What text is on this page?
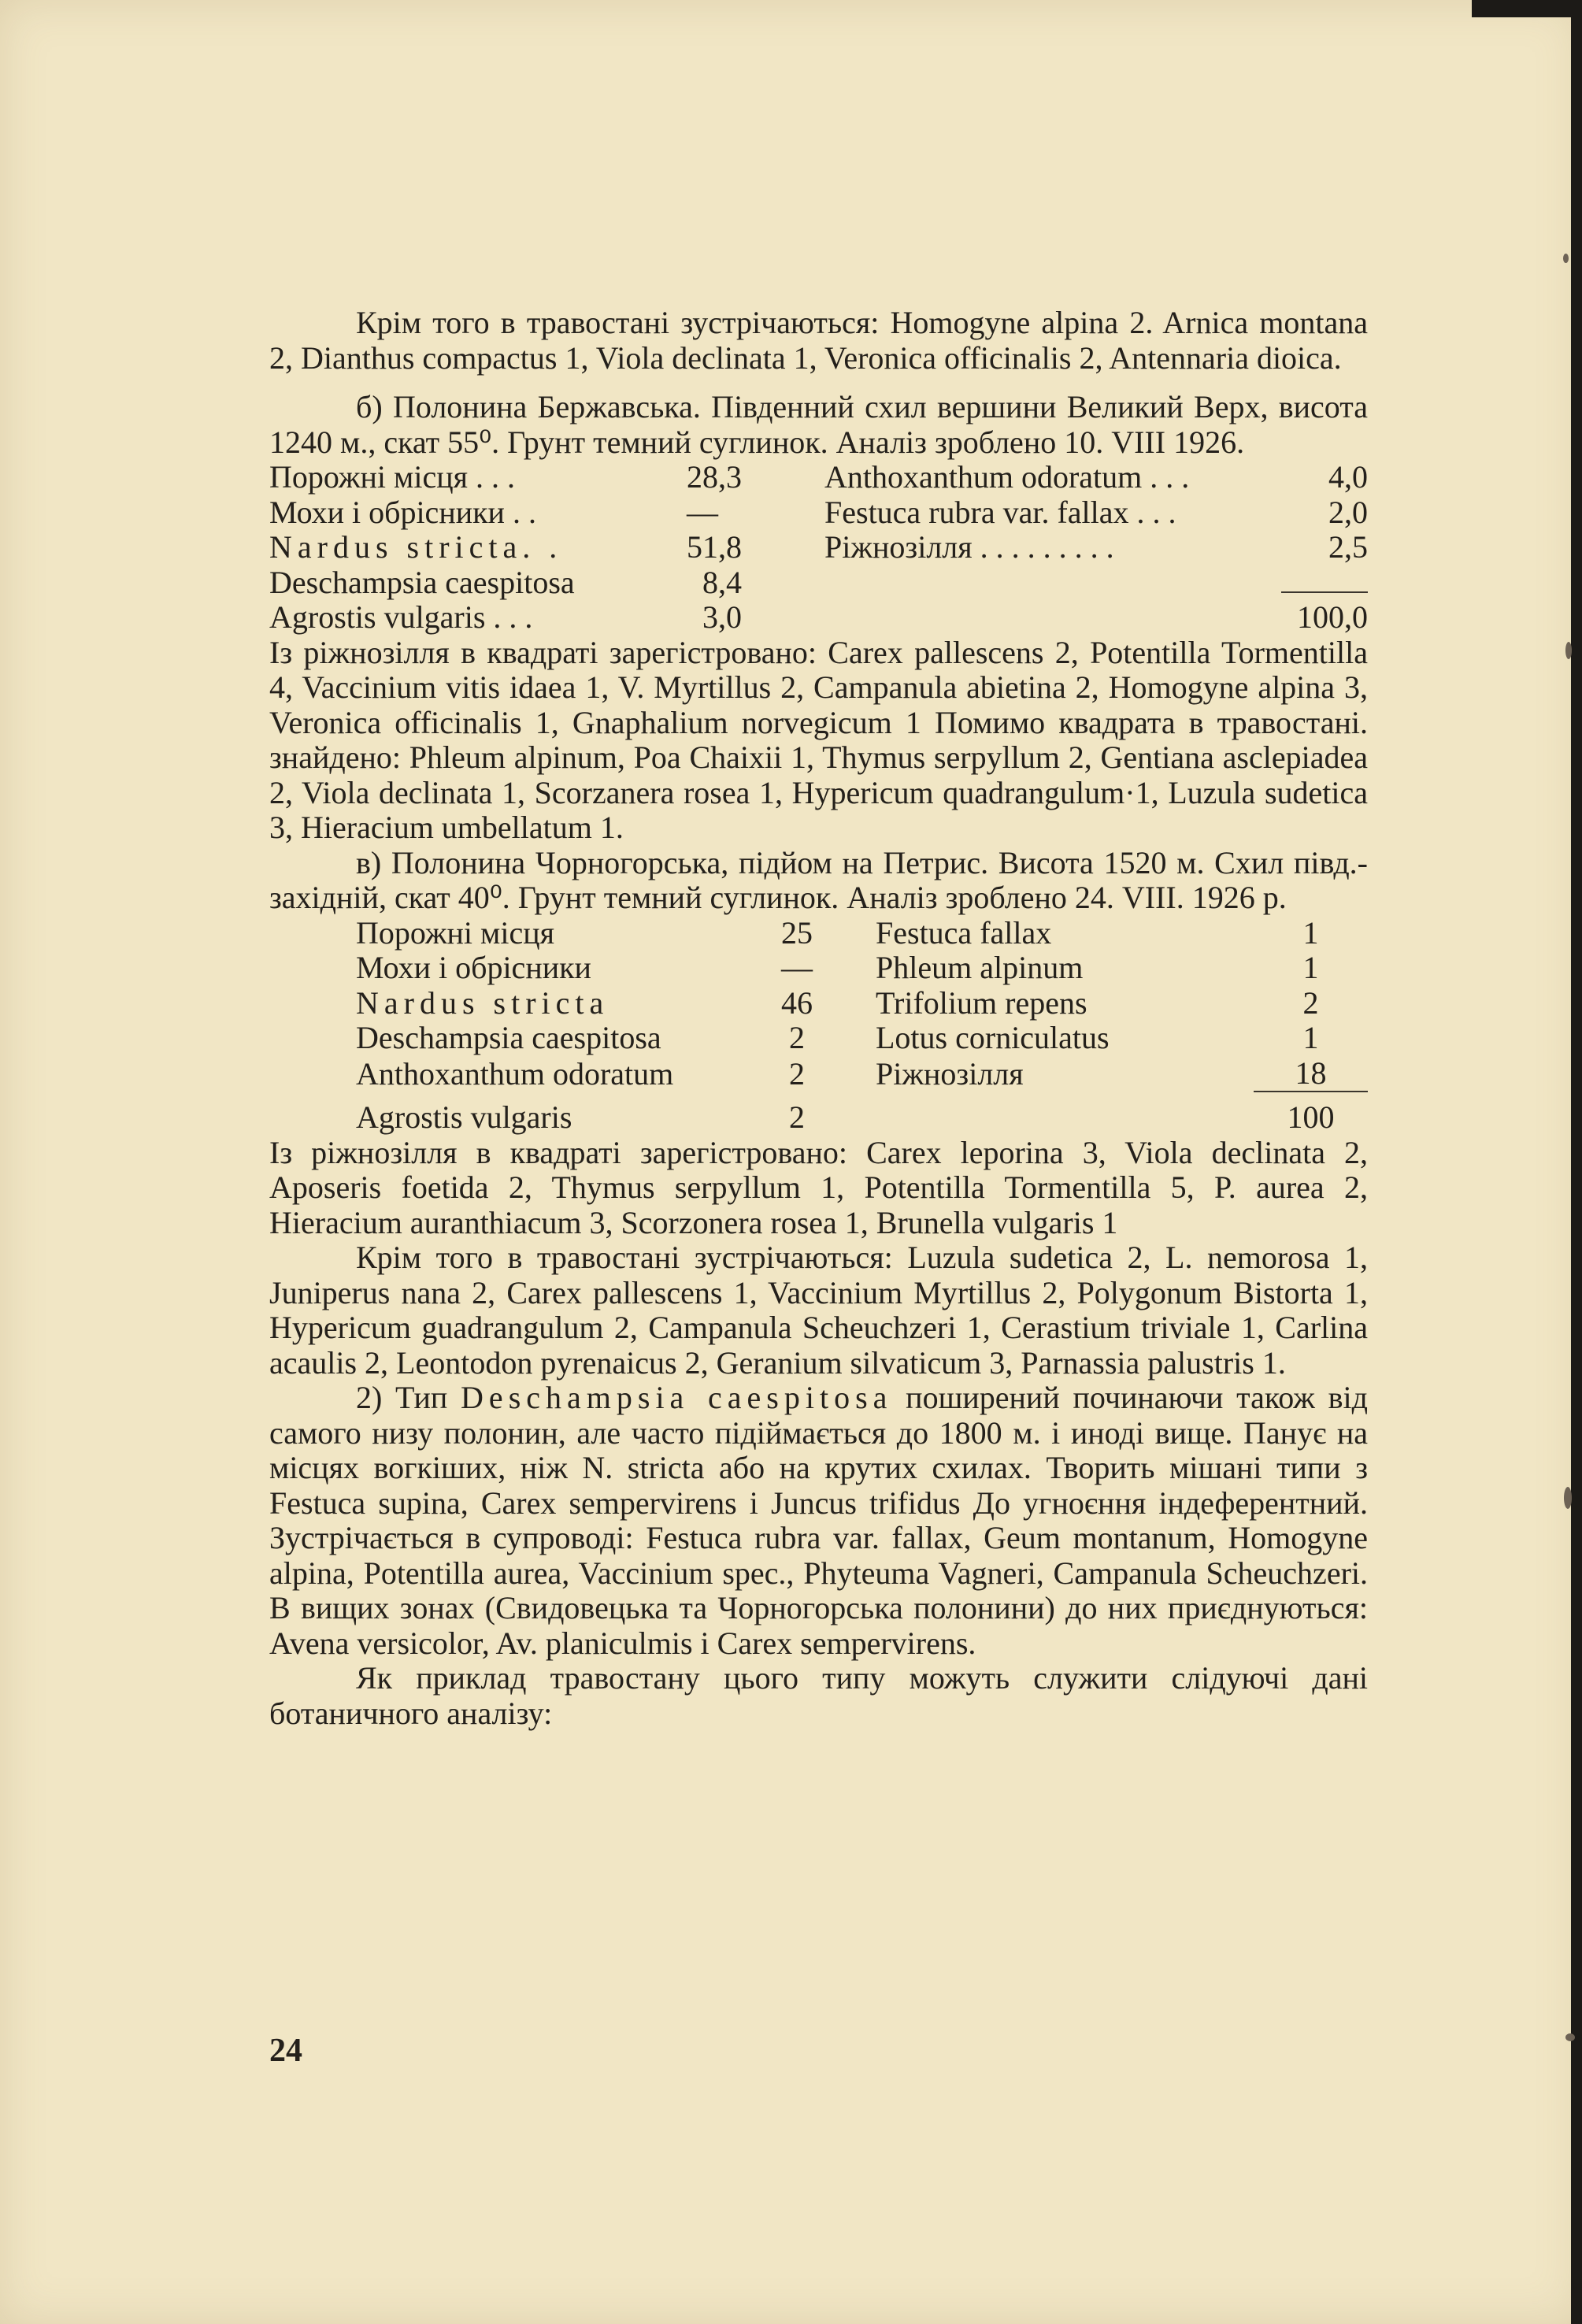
Крім того в травостані зустрічаються: Homogyne alpina 2. Arnica montana 2, Dianthus compactus 1, Viola declinata 1, Veronica officinalis 2, Antennaria dioica.

б) Полонина Бержавська. Південний схил вершини Великий Верх, висота 1240 м., скат 55⁰. Грунт темний суглинок. Аналіз зроблено 10. VIII 1926.

Порожні місця . . .	28,3		Anthoxanthum odoratum . . .	4,0
Мохи і обрісники . .	—		Festuca rubra var. fallax . . .	2,0
Nardus stricta. .	51,8		Ріжнозілля . . . . . . . . .	2,5
Deschampsia caespitosa	8,4			
Agrostis vulgaris . . .	3,0			100,0

Із ріжнозілля в квадраті зарегістровано: Carex pallescens 2, Potentilla Tormentilla 4, Vaccinium vitis idaea 1, V. Myrtillus 2, Campanula abietina 2, Homogyne alpina 3, Veronica officinalis 1, Gnaphalium norvegicum 1 Помимо квадрата в травостані. знайдено: Phleum alpinum, Poa Chaixii 1, Thymus serpyllum 2, Gentiana asclepiadea 2, Viola declinata 1, Scorzanera rosea 1, Hypericum quadrangulum·1, Luzula sudetica 3, Hieracium umbellatum 1.

в) Полонина Чорногорська, підйом на Петрис. Висота 1520 м. Схил півд.-західній, скат 40⁰. Грунт темний суглинок. Аналіз зроблено 24. VIII. 1926 р.

Порожні місця	25		Festuca fallax	1
Мохи і обрісники	—		Phleum alpinum	1
Nardus stricta	46		Trifolium repens	2
Deschampsia caespitosa	2		Lotus corniculatus	1
Anthoxanthum odoratum	2		Ріжнозілля	18
Agrostis vulgaris	2			100

Із ріжнозілля в квадраті зарегістровано: Carex leporina 3, Viola declinata 2, Aposeris foetida 2, Thymus serpyllum 1, Potentilla Tormentilla 5, P. aurea 2, Hieracium auranthiacum 3, Scorzonera rosea 1, Brunella vulgaris 1

Крім того в травостані зустрічаються: Luzula sudetica 2, L. nemorosa 1, Juniperus nana 2, Carex pallescens 1, Vaccinium Myrtillus 2, Polygonum Bistorta 1, Hypericum guadrangulum 2, Campanula Scheuchzeri 1, Cerastium triviale 1, Carlina acaulis 2, Leontodon pyrenaicus 2, Geranium silvaticum 3, Parnassia palustris 1.

2) Тип Deschampsia caespitosa поширений починаючи також від самого низу полонин, але часто підіймається до 1800 м. і иноді вище. Панує на місцях вогкіших, ніж N. stricta або на крутих схилах. Творить мішані типи з Festuca supina, Carex sempervirens і Juncus trifidus До угноєння індеферентний. Зустрічається в супроводі: Festuca rubra var. fallax, Geum montanum, Homogyne alpina, Potentilla aurea, Vaccinium spec., Phyteuma Vagneri, Campanula Scheuchzeri. В вищих зонах (Свидовецька та Чорногорська полонини) до них приєднуються: Avena versicolor, Av. planiculmis і Carex sempervirens.

Як приклад травостану цього типу можуть служити слідуючі дані ботаничного аналізу:

24
